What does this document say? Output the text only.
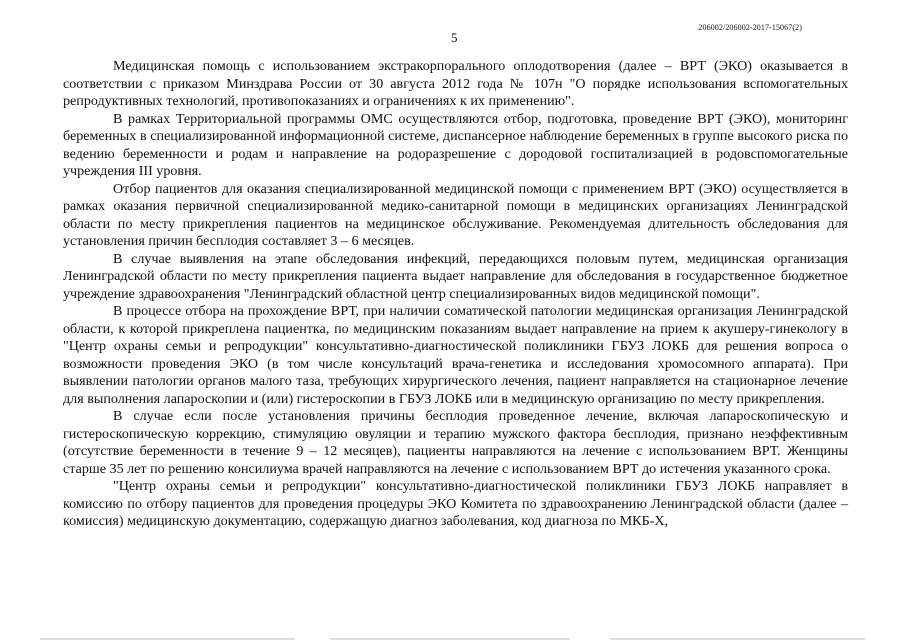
206002/206002-2017-15067(2)
5

Медицинская помощь с использованием экстракорпорального оплодотворения (далее – ВРТ (ЭКО) оказывается в соответствии с приказом Минздрава России от 30 августа 2012 года № 107н "О порядке использования вспомогательных репродуктивных технологий, противопоказаниях и ограничениях к их применению".

В рамках Территориальной программы ОМС осуществляются отбор, подготовка, проведение ВРТ (ЭКО), мониторинг беременных в специализированной информационной системе, диспансерное наблюдение беременных в группе высокого риска по ведению беременности и родам и направление на родоразрешение с дородовой госпитализацией в родовспомогательные учреждения III уровня.

Отбор пациентов для оказания специализированной медицинской помощи с применением ВРТ (ЭКО) осуществляется в рамках оказания первичной специализированной медико-санитарной помощи в медицинских организациях Ленинградской области по месту прикрепления пациентов на медицинское обслуживание. Рекомендуемая длительность обследования для установления причин бесплодия составляет 3 – 6 месяцев.

В случае выявления на этапе обследования инфекций, передающихся половым путем, медицинская организация Ленинградской области по месту прикрепления пациента выдает направление для обследования в государственное бюджетное учреждение здравоохранения "Ленинградский областной центр специализированных видов медицинской помощи".

В процессе отбора на прохождение ВРТ, при наличии соматической патологии медицинская организация Ленинградской области, к которой прикреплена пациентка, по медицинским показаниям выдает направление на прием к акушеру-гинекологу в "Центр охраны семьи и репродукции" консультативно-диагностической поликлиники ГБУЗ ЛОКБ для решения вопроса о возможности проведения ЭКО (в том числе консультаций врача-генетика и исследования хромосомного аппарата). При выявлении патологии органов малого таза, требующих хирургического лечения, пациент направляется на стационарное лечение для выполнения лапароскопии и (или) гистероскопии в ГБУЗ ЛОКБ или в медицинскую организацию по месту прикрепления.

В случае если после установления причины бесплодия проведенное лечение, включая лапароскопическую и гистероскопическую коррекцию, стимуляцию овуляции и терапию мужского фактора бесплодия, признано неэффективным (отсутствие беременности в течение 9 – 12 месяцев), пациенты направляются на лечение с использованием ВРТ. Женщины старше 35 лет по решению консилиума врачей направляются на лечение с использованием ВРТ до истечения указанного срока.

"Центр охраны семьи и репродукции" консультативно-диагностической поликлиники ГБУЗ ЛОКБ направляет в комиссию по отбору пациентов для проведения процедуры ЭКО Комитета по здравоохранению Ленинградской области (далее – комиссия) медицинскую документацию, содержащую диагноз заболевания, код диагноза по МКБ-Х,
